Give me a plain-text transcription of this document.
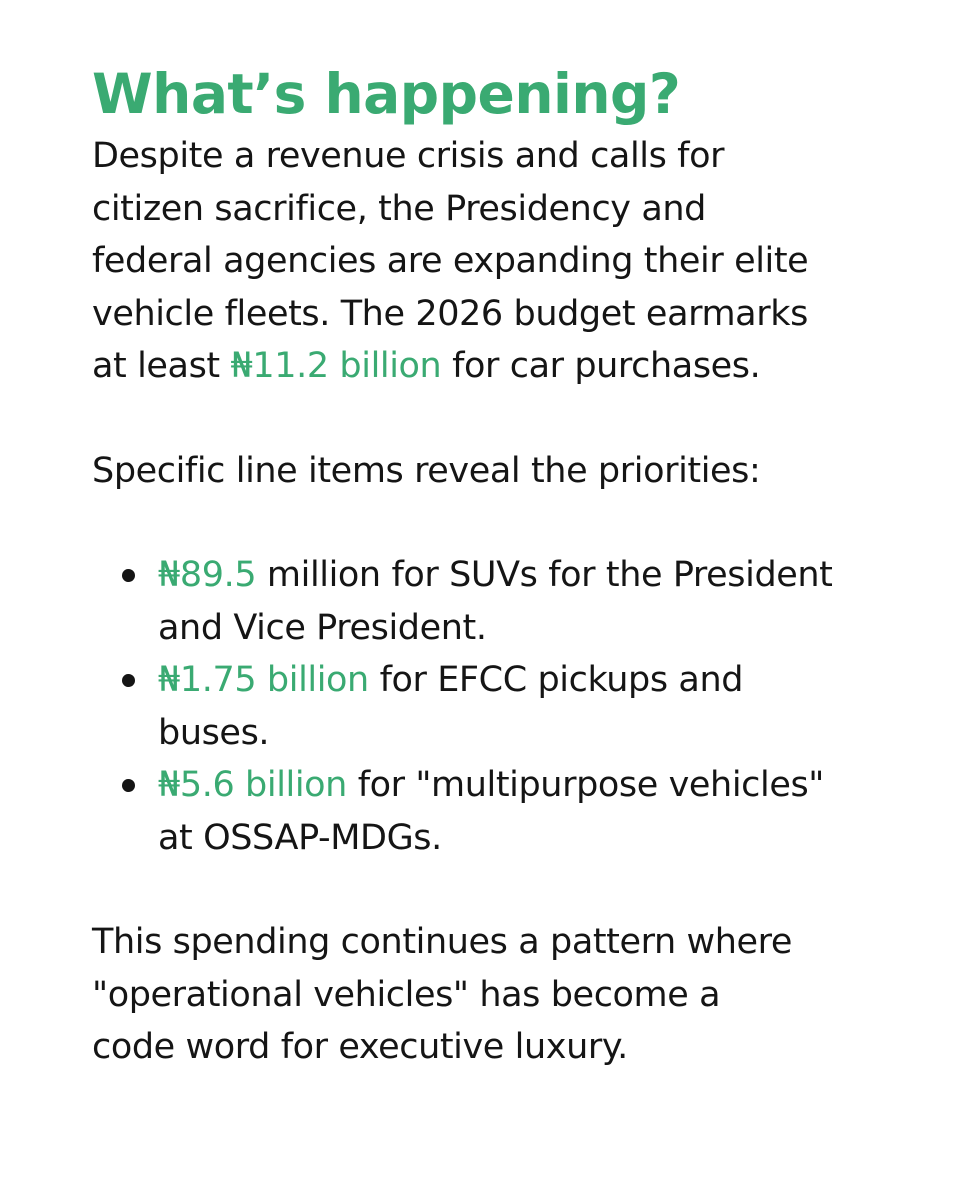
What’s happening?

Despite a revenue crisis and calls for citizen sacrifice, the Presidency and federal agencies are expanding their elite vehicle fleets. The 2026 budget earmarks at least ₦11.2 billion for car purchases.

Specific line items reveal the priorities:

₦89.5 million for SUVs for the President and Vice President.
₦1.75 billion for EFCC pickups and buses.
₦5.6 billion for "multipurpose vehicles" at OSSAP-MDGs.

This spending continues a pattern where "operational vehicles" has become a code word for executive luxury.
